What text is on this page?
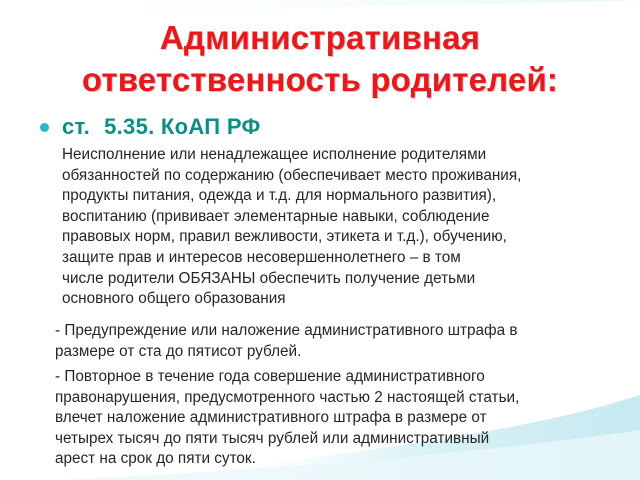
Административная
ответственность родителей:
ст. 5.35. КоАП РФ
Неисполнение или ненадлежащее исполнение родителями
обязанностей по содержанию (обеспечивает место проживания,
продукты питания, одежда и т.д. для нормального развития),
воспитанию (прививает элементарные навыки, соблюдение
правовых норм, правил вежливости, этикета и т.д.), обучению,
защите прав и интересов несовершеннолетнего – в том
числе родители ОБЯЗАНЫ обеспечить получение детьми
основного общего образования
- Предупреждение или наложение административного штрафа в
размере от ста до пятисот рублей.
- Повторное в течение года совершение административного
правонарушения, предусмотренного частью 2 настоящей статьи,
влечет наложение административного штрафа в размере от
четырех тысяч до пяти тысяч рублей или административный
арест на срок до пяти суток.
